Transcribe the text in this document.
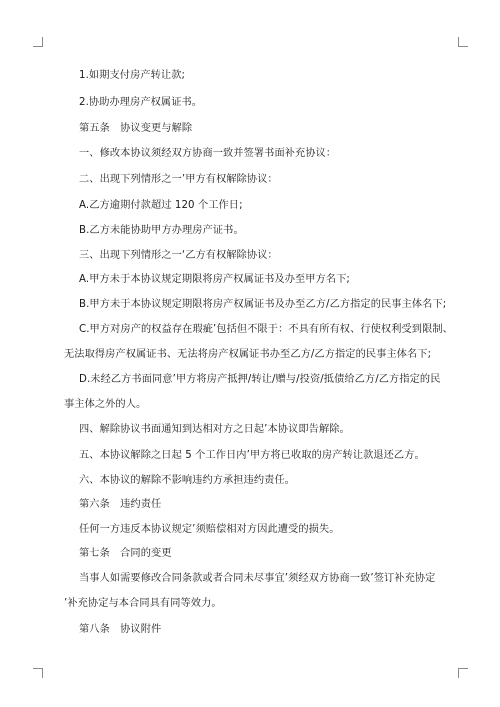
1.如期支付房产转让款;
2.协助办理房产权属证书。
第五条　协议变更与解除
一、修改本协议须经双方协商一致并签署书面补充协议：
二、出现下列情形之一’甲方有权解除协议：
A.乙方逾期付款超过 120 个工作日;
B.乙方未能协助甲方办理房产证书。
三、出现下列情形之一‘乙方有权解除协议：
A.甲方未于本协议规定期限将房产权属证书及办至甲方名下;
B.甲方未于本协议规定期限将房产权属证书及办至乙方/乙方指定的民事主体名下;
C.甲方对房产的权益存在瑕疵’包括但不限于：不具有所有权、行使权利受到限制、
无法取得房产权属证书、无法将房产权属证书办至乙方/乙方指定的民事主体名下;
D.未经乙方书面同意’甲方将房产抵押/转让/赠与/投资/抵债给乙方/乙方指定的民
事主体之外的人。
四、解除协议书面通知到达相对方之日起’本协议即告解除。
五、本协议解除之日起 5 个工作日内’甲方将已收取的房产转让款退还乙方。
六、本协议的解除不影响违约方承担违约责任。
第六条　违约责任
任何一方违反本协议规定’须赔偿相对方因此遭受的损失。
第七条　合同的变更
当事人如需要修改合同条款或者合同未尽事宜’须经双方协商一致’签订补充协定
’补充协定与本合同具有同等效力。
第八条　协议附件
